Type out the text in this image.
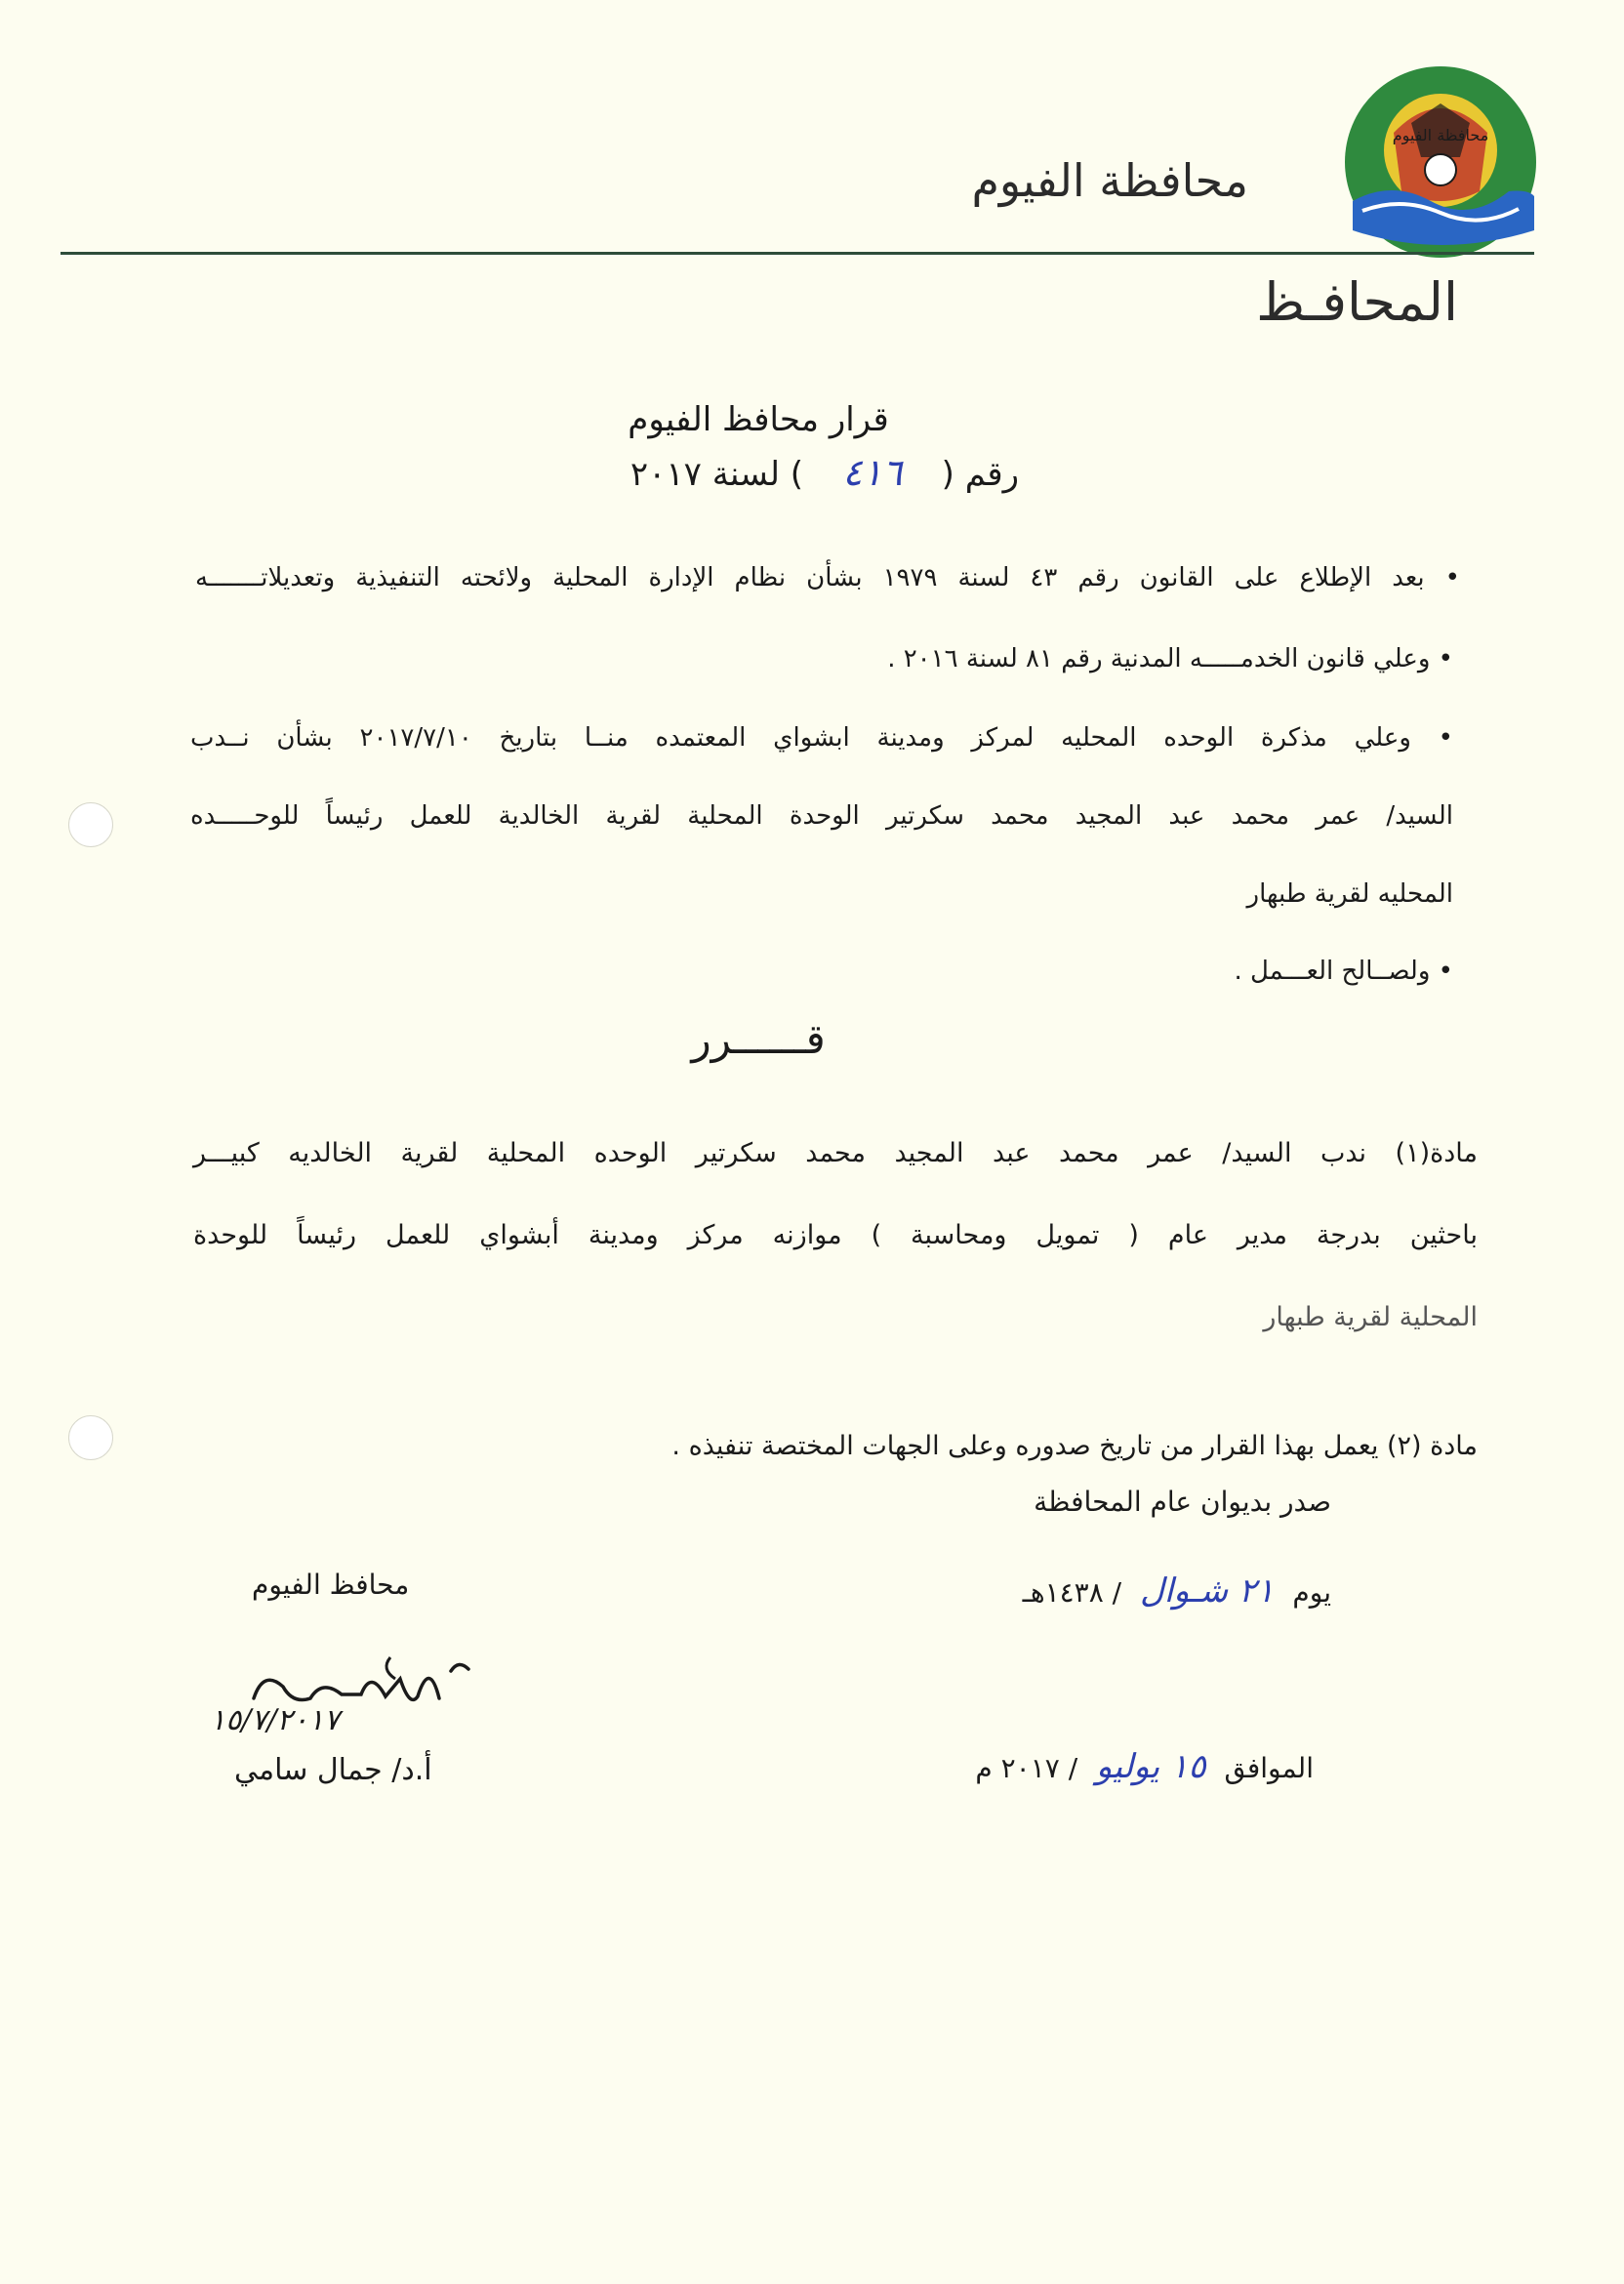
محافظة الفيوم
محافظة الفيوم
المحافـظ
قرار محافظ الفيوم
رقم ( ٤١٦ ) لسنة ٢٠١٧
• بعد الإطلاع على القانون رقم ٤٣ لسنة ١٩٧٩ بشأن نظام الإدارة المحلية ولائحته التنفيذية وتعديلاتـــــــه
• وعلي قانون الخدمـــــه المدنية رقم ٨١ لسنة ٢٠١٦ .
• وعلي مذكرة الوحده المحليه لمركز ومدينة ابشواي المعتمده منــا بتاريخ ٢٠١٧/٧/١٠ بشأن نــدب
السيد/ عمر محمد عبد المجيد محمد سكرتير الوحدة المحلية لقرية الخالدية للعمل رئيساً للوحـــــده
المحليه لقرية طبهار
• ولصــالح العـــمل .
قــــــرر
مادة(١) ندب السيد/ عمر محمد عبد المجيد محمد سكرتير الوحده المحلية لقرية الخالديه كبيـــر
باحثين بدرجة مدير عام ( تمويل ومحاسبة ) موازنه مركز ومدينة أبشواي للعمل رئيساً للوحدة
المحلية لقرية طبهار
مادة (٢) يعمل بهذا القرار من تاريخ صدوره وعلى الجهات المختصة تنفيذه .
صدر بديوان عام المحافظة
يوم ٢١ شـوال / ١٤٣٨هـ
الموافق ١٥ يوليو / ٢٠١٧ م
محافظ الفيوم
١٥/٧/٢٠١٧
أ.د/ جمال سامي
